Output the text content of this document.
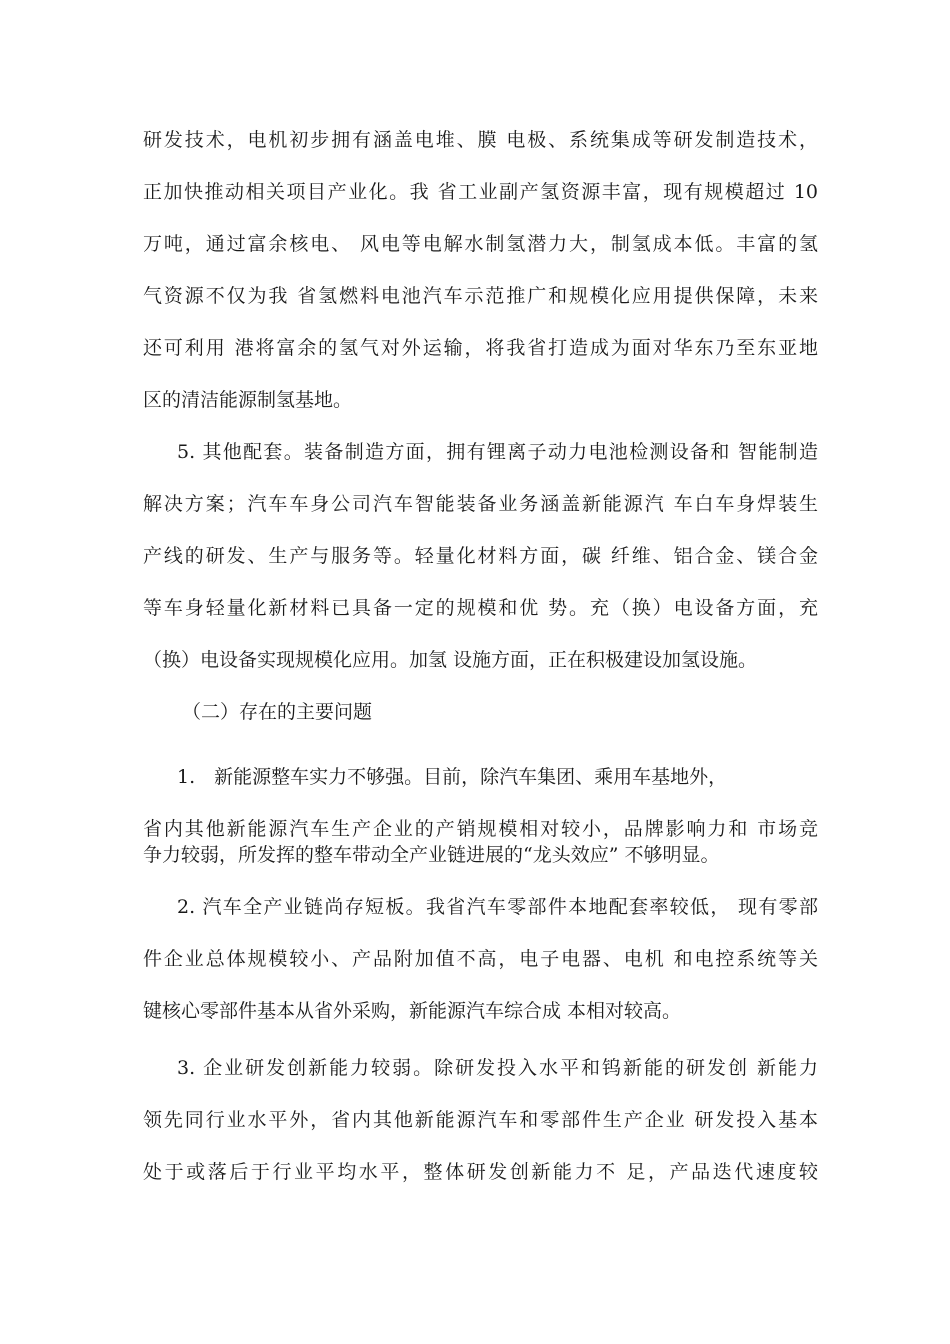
研发技术，电机初步拥有涵盖电堆、膜 电极、系统集成等研发制造技术，
正加快推动相关项目产业化。我 省工业副产氢资源丰富，现有规模超过 10
万吨，通过富余核电、 风电等电解水制氢潜力大，制氢成本低。丰富的氢
气资源不仅为我 省氢燃料电池汽车示范推广和规模化应用提供保障，未来
还可利用 港将富余的氢气对外运输，将我省打造成为面对华东乃至东亚地
区的清洁能源制氢基地。
5. 其他配套。装备制造方面，拥有锂离子动力电池检测设备和 智能制造
解决方案；汽车车身公司汽车智能装备业务涵盖新能源汽 车白车身焊装生
产线的研发、生产与服务等。轻量化材料方面，碳 纤维、铝合金、镁合金
等车身轻量化新材料已具备一定的规模和优 势。充（换）电设备方面，充
（换）电设备实现规模化应用。加氢 设施方面，正在积极建设加氢设施。
（二）存在的主要问题
1.　新能源整车实力不够强。目前，除汽车集团、乘用车基地外，
省内其他新能源汽车生产企业的产销规模相对较小，品牌影响力和 市场竞
争力较弱，所发挥的整车带动全产业链进展的“龙头效应” 不够明显。
2. 汽车全产业链尚存短板。我省汽车零部件本地配套率较低， 现有零部
件企业总体规模较小、产品附加值不高，电子电器、电机 和电控系统等关
键核心零部件基本从省外采购，新能源汽车综合成 本相对较高。
3. 企业研发创新能力较弱。除研发投入水平和钨新能的研发创 新能力
领先同行业水平外，省内其他新能源汽车和零部件生产企业 研发投入基本
处于或落后于行业平均水平，整体研发创新能力不 足，产品迭代速度较
